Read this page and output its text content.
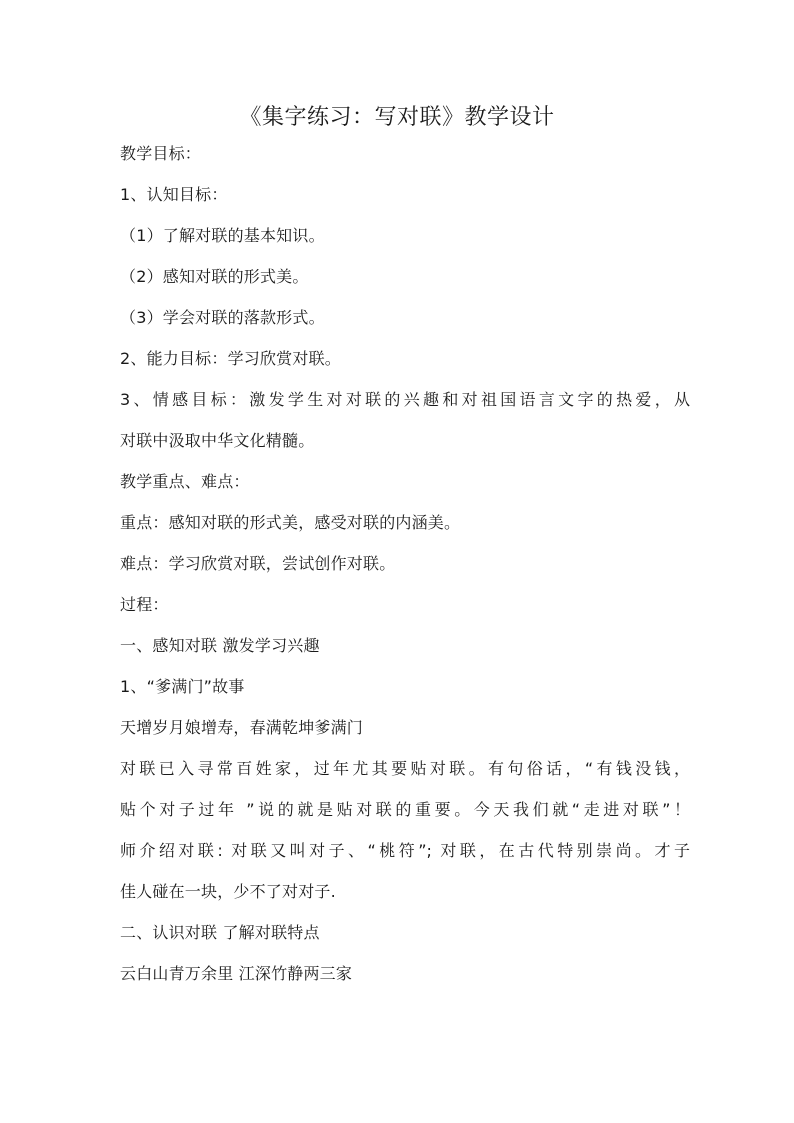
《集字练习：写对联》教学设计
教学目标：
1、认知目标：
（1）了解对联的基本知识。
（2）感知对联的形式美。
（3）学会对联的落款形式。
2、能力目标：学习欣赏对联。
3、情感目标：激发学生对对联的兴趣和对祖国语言文字的热爱，从
对联中汲取中华文化精髓。
教学重点、难点：
重点：感知对联的形式美，感受对联的内涵美。
难点：学习欣赏对联，尝试创作对联。
过程：
一、感知对联 激发学习兴趣
1、“爹满门”故事
天增岁月娘增寿，春满乾坤爹满门
对联已入寻常百姓家，过年尤其要贴对联。有句俗话，“有钱没钱，
贴个对子过年 ”说的就是贴对联的重要。今天我们就“走进对联”！
师介绍对联: 对联又叫对子、“桃符”; 对联，在古代特别崇尚。才子
佳人碰在一块，少不了对对子.
二、认识对联 了解对联特点
云白山青万余里 江深竹静两三家
